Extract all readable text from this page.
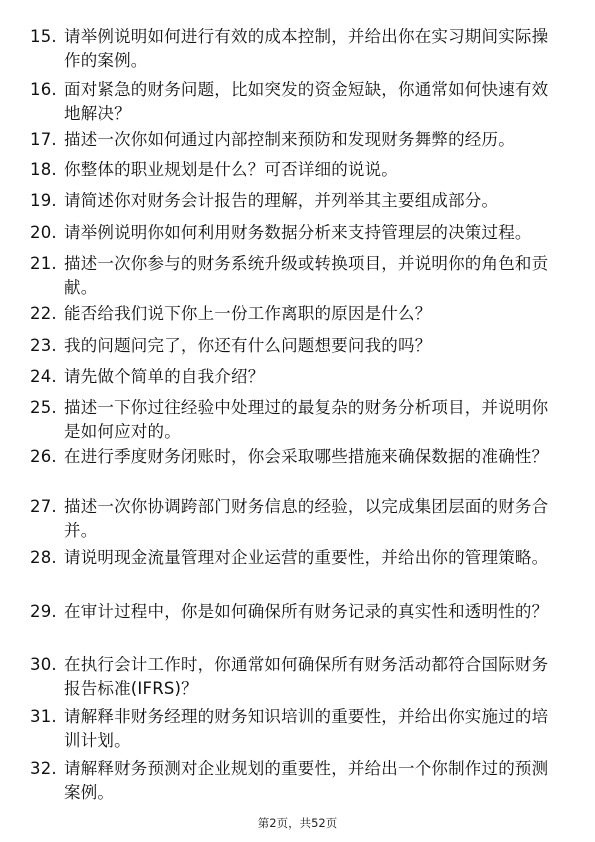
15. 请举例说明如何进行有效的成本控制，并给出你在实习期间实际操作的案例。
16. 面对紧急的财务问题，比如突发的资金短缺，你通常如何快速有效地解决？
17. 描述一次你如何通过内部控制来预防和发现财务舞弊的经历。
18. 你整体的职业规划是什么？可否详细的说说。
19. 请简述你对财务会计报告的理解，并列举其主要组成部分。
20. 请举例说明你如何利用财务数据分析来支持管理层的决策过程。
21. 描述一次你参与的财务系统升级或转换项目，并说明你的角色和贡献。
22. 能否给我们说下你上一份工作离职的原因是什么？
23. 我的问题问完了，你还有什么问题想要问我的吗？
24. 请先做个简单的自我介绍？
25. 描述一下你过往经验中处理过的最复杂的财务分析项目，并说明你是如何应对的。
26. 在进行季度财务闭账时，你会采取哪些措施来确保数据的准确性？
27. 描述一次你协调跨部门财务信息的经验，以完成集团层面的财务合并。
28. 请说明现金流量管理对企业运营的重要性，并给出你的管理策略。
29. 在审计过程中，你是如何确保所有财务记录的真实性和透明性的？
30. 在执行会计工作时，你通常如何确保所有财务活动都符合国际财务报告标准(IFRS)？
31. 请解释非财务经理的财务知识培训的重要性，并给出你实施过的培训计划。
32. 请解释财务预测对企业规划的重要性，并给出一个你制作过的预测案例。
第2页，共52页
